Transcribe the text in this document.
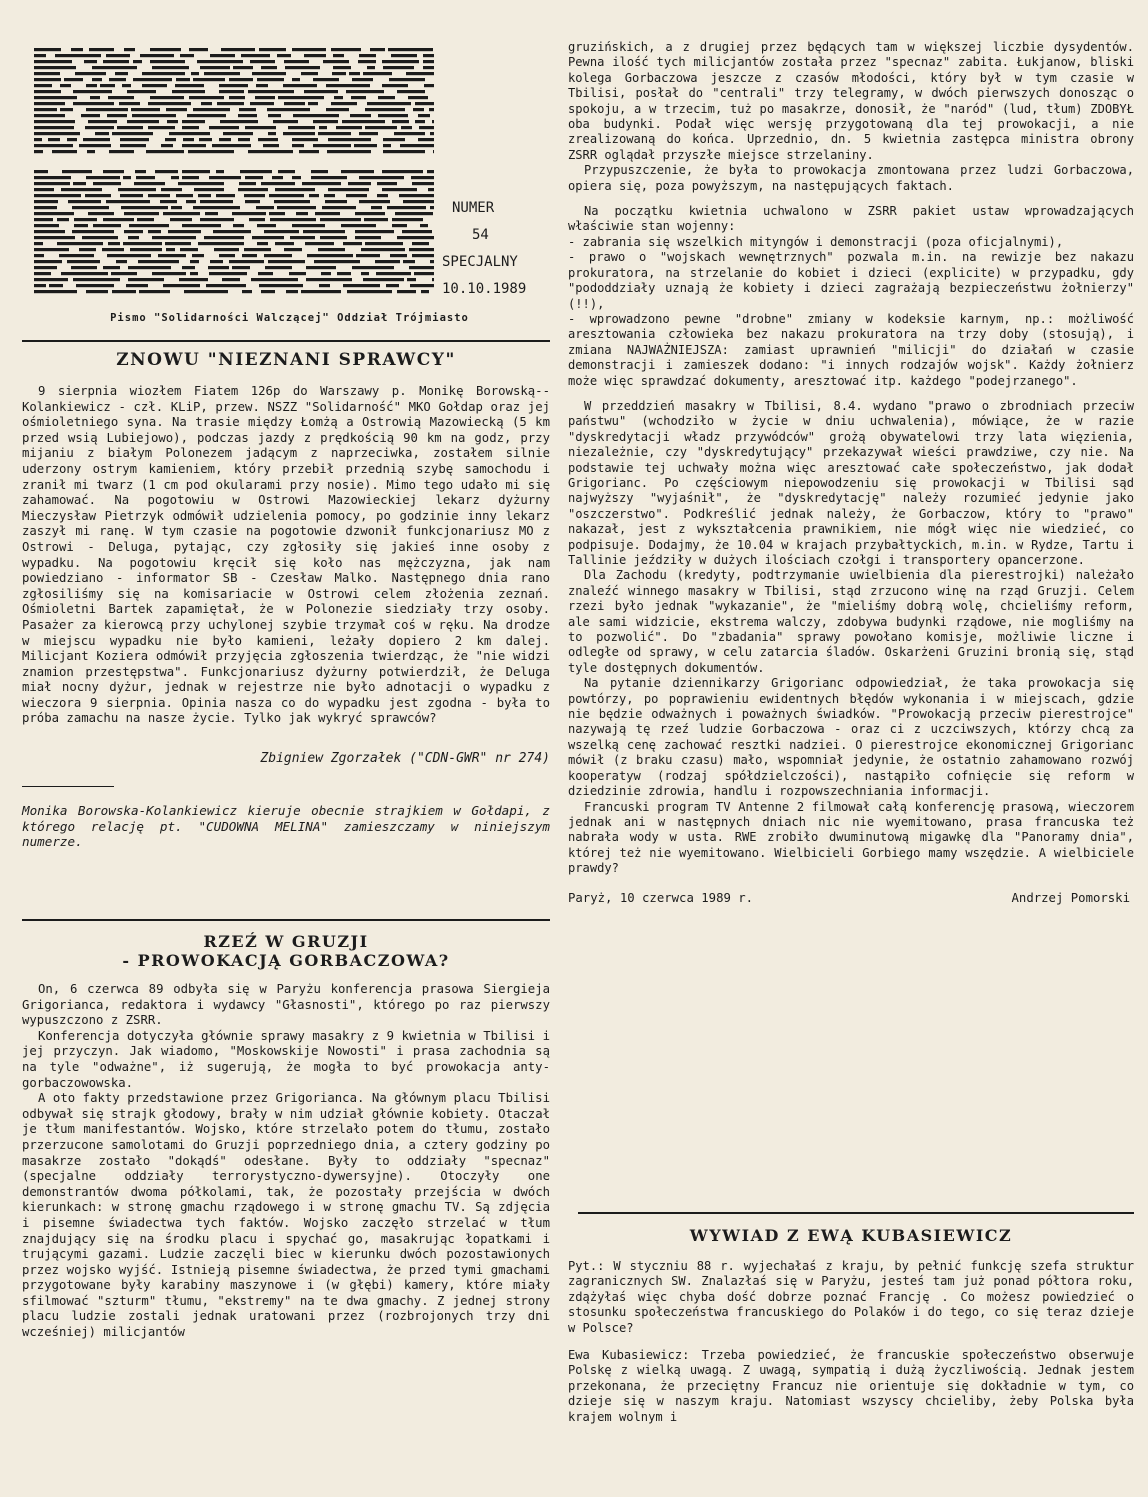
NUMER
54
SPECJALNY
10.10.1989
Pismo "Solidarności Walczącej" Oddział Trójmiasto
ZNOWU "NIEZNANI SPRAWCY"

9 sierpnia wiozłem Fiatem 126p do Warszawy p. Monikę Borowską--Kolankiewicz - czł. KLiP, przew. NSZZ "Solidarność" MKO Gołdap oraz jej ośmioletniego syna. Na trasie między Łomżą a Ostrowią Mazowiecką (5 km przed wsią Lubiejowo), podczas jazdy z prędkością 90 km na godz, przy mijaniu z białym Polonezem jadącym z naprzeciwka, zostałem silnie uderzony ostrym kamieniem, który przebił przednią szybę samochodu i zranił mi twarz (1 cm pod okularami przy nosie). Mimo tego udało mi się zahamować. Na pogotowiu w Ostrowi Mazowieckiej lekarz dyżurny Mieczysław Pietrzyk odmówił udzielenia pomocy, po godzinie inny lekarz zaszył mi ranę. W tym czasie na pogotowie dzwonił funkcjonariusz MO z Ostrowi - Deluga, pytając, czy zgłosiły się jakieś inne osoby z wypadku. Na pogotowiu kręcił się koło nas mężczyzna, jak nam powiedziano - informator SB - Czesław Malko. Następnego dnia rano zgłosiliśmy się na komisariacie w Ostrowi celem złożenia zeznań. Ośmioletni Bartek zapamiętał, że w Polonezie siedziały trzy osoby. Pasażer za kierowcą przy uchylonej szybie trzymał coś w ręku. Na drodze w miejscu wypadku nie było kamieni, leżały dopiero 2 km dalej. Milicjant Koziera odmówił przyjęcia zgłoszenia twierdząc, że "nie widzi znamion przestępstwa". Funkcjonariusz dyżurny potwierdził, że Deluga miał nocny dyżur, jednak w rejestrze nie było adnotacji o wypadku z wieczora 9 sierpnia. Opinia nasza co do wypadku jest zgodna - była to próba zamachu na nasze życie. Tylko jak wykryć sprawców?

Zbigniew Zgorzałek ("CDN-GWR" nr 274)
Monika Borowska-Kolankiewicz kieruje obecnie strajkiem w Gołdapi, z którego relację pt. "CUDOWNA MELINA" zamieszczamy w niniejszym numerze.
RZEŹ W GRUZJI
- PROWOKACJĄ GORBACZOWA?

On, 6 czerwca 89 odbyła się w Paryżu konferencja prasowa Siergieja Grigorianca, redaktora i wydawcy "Głasnosti", którego po raz pierwszy wypuszczono z ZSRR.

Konferencja dotyczyła głównie sprawy masakry z 9 kwietnia w Tbilisi i jej przyczyn. Jak wiadomo, "Moskowskije Nowosti" i prasa zachodnia są na tyle "odważne", iż sugerują, że mogła to być prowokacja anty-gorbaczowowska.

A oto fakty przedstawione przez Grigorianca. Na głównym placu Tbilisi odbywał się strajk głodowy, brały w nim udział głównie kobiety. Otaczał je tłum manifestantów. Wojsko, które strzelało potem do tłumu, zostało przerzucone samolotami do Gruzji poprzedniego dnia, a cztery godziny po masakrze zostało "dokądś" odesłane. Były to oddziały "specnaz" (specjalne oddziały terrorystyczno-dywersyjne). Otoczyły one demonstrantów dwoma półkolami, tak, że pozostały przejścia w dwóch kierunkach: w stronę gmachu rządowego i w stronę gmachu TV. Są zdjęcia i pisemne świadectwa tych faktów. Wojsko zaczęło strzelać w tłum znajdujący się na środku placu i spychać go, masakrując łopatkami i trującymi gazami. Ludzie zaczęli biec w kierunku dwóch pozostawionych przez wojsko wyjść. Istnieją pisemne świadectwa, że przed tymi gmachami przygotowane były karabiny maszynowe i (w głębi) kamery, które miały sfilmować "szturm" tłumu, "ekstremy" na te dwa gmachy. Z jednej strony placu ludzie zostali jednak uratowani przez (rozbrojonych trzy dni wcześniej) milicjantów

gruzińskich, a z drugiej przez będących tam w większej liczbie dysydentów. Pewna ilość tych milicjantów została przez "specnaz" zabita. Łukjanow, bliski kolega Gorbaczowa jeszcze z czasów młodości, który był w tym czasie w Tbilisi, posłał do "centrali" trzy telegramy, w dwóch pierwszych donosząc o spokoju, a w trzecim, tuż po masakrze, donosił, że "naród" (lud, tłum) ZDOBYŁ oba budynki. Podał więc wersję przygotowaną dla tej prowokacji, a nie zrealizowaną do końca. Uprzednio, dn. 5 kwietnia zastępca ministra obrony ZSRR oglądał przyszłe miejsce strzelaniny.

Przypuszczenie, że była to prowokacja zmontowana przez ludzi Gorbaczowa, opiera się, poza powyższym, na następujących faktach.

Na początku kwietnia uchwalono w ZSRR pakiet ustaw wprowadzających właściwie stan wojenny:
- zabrania się wszelkich mityngów i demonstracji (poza oficjalnymi),
- prawo o "wojskach wewnętrznych" pozwala m.in. na rewizje bez nakazu prokuratora, na strzelanie do kobiet i dzieci (explicite) w przypadku, gdy "pododdziały uznają że kobiety i dzieci zagrażają bezpieczeństwu żołnierzy" (!!),
- wprowadzono pewne "drobne" zmiany w kodeksie karnym, np.: możliwość aresztowania człowieka bez nakazu prokuratora na trzy doby (stosują), i zmiana NAJWAŻNIEJSZA: zamiast uprawnień "milicji" do działań w czasie demonstracji i zamieszek dodano: "i innych rodzajów wojsk". Każdy żołnierz może więc sprawdzać dokumenty, aresztować itp. każdego "podejrzanego".

W przeddzień masakry w Tbilisi, 8.4. wydano "prawo o zbrodniach przeciw państwu" (wchodziło w życie w dniu uchwalenia), mówiące, że w razie "dyskredytacji władz przywódców" grożą obywatelowi trzy lata więzienia, niezależnie, czy "dyskredytujący" przekazywał wieści prawdziwe, czy nie. Na podstawie tej uchwały można więc aresztować całe społeczeństwo, jak dodał Grigorianc. Po częściowym niepowodzeniu się prowokacji w Tbilisi sąd najwyższy "wyjaśnił", że "dyskredytację" należy rozumieć jedynie jako "oszczerstwo". Podkreślić jednak należy, że Gorbaczow, który to "prawo" nakazał, jest z wykształcenia prawnikiem, nie mógł więc nie wiedzieć, co podpisuje. Dodajmy, że 10.04 w krajach przybałtyckich, m.in. w Rydze, Tartu i Tallinie jeździły w dużych ilościach czołgi i transportery opancerzone.

Dla Zachodu (kredyty, podtrzymanie uwielbienia dla pierestrojki) należało znaleźć winnego masakry w Tbilisi, stąd zrzucono winę na rząd Gruzji. Celem rzezi było jednak "wykazanie", że "mieliśmy dobrą wolę, chcieliśmy reform, ale sami widzicie, ekstrema walczy, zdobywa budynki rządowe, nie mogliśmy na to pozwolić". Do "zbadania" sprawy powołano komisje, możliwie liczne i odległe od sprawy, w celu zatarcia śladów. Oskarżeni Gruzini bronią się, stąd tyle dostępnych dokumentów.

Na pytanie dziennikarzy Grigorianc odpowiedział, że taka prowokacja się powtórzy, po poprawieniu ewidentnych błędów wykonania i w miejscach, gdzie nie będzie odważnych i poważnych świadków. "Prowokacją przeciw pierestrojce" nazywają tę rzeź ludzie Gorbaczowa - oraz ci z uczciwszych, którzy chcą za wszelką cenę zachować resztki nadziei. O pierestrojce ekonomicznej Grigorianc mówił (z braku czasu) mało, wspomniał jedynie, że ostatnio zahamowano rozwój kooperatyw (rodzaj spółdzielczości), nastąpiło cofnięcie się reform w dziedzinie zdrowia, handlu i rozpowszechniania informacji.

Francuski program TV Antenne 2 filmował całą konferencję prasową, wieczorem jednak ani w następnych dniach nic nie wyemitowano, prasa francuska też nabrała wody w usta. RWE zrobiło dwuminutową migawkę dla "Panoramy dnia", której też nie wyemitowano. Wielbicieli Gorbiego mamy wszędzie. A wielbiciele prawdy?

Paryż, 10 czerwca 1989 r.	Andrzej Pomorski
WYWIAD Z EWĄ KUBASIEWICZ

Pyt.: W styczniu 88 r. wyjechałaś z kraju, by pełnić funkcję szefa struktur zagranicznych SW. Znalazłaś się w Paryżu, jesteś tam już ponad półtora roku, zdążyłaś więc chyba dość dobrze poznać Francję . Co możesz powiedzieć o stosunku społeczeństwa francuskiego do Polaków i do tego, co się teraz dzieje w Polsce?

Ewa Kubasiewicz: Trzeba powiedzieć, że francuskie społeczeństwo obserwuje Polskę z wielką uwagą. Z uwagą, sympatią i dużą życzliwością. Jednak jestem przekonana, że przeciętny Francuz nie orientuje się dokładnie w tym, co dzieje się w naszym kraju. Natomiast wszyscy chcieliby, żeby Polska była krajem wolnym i
